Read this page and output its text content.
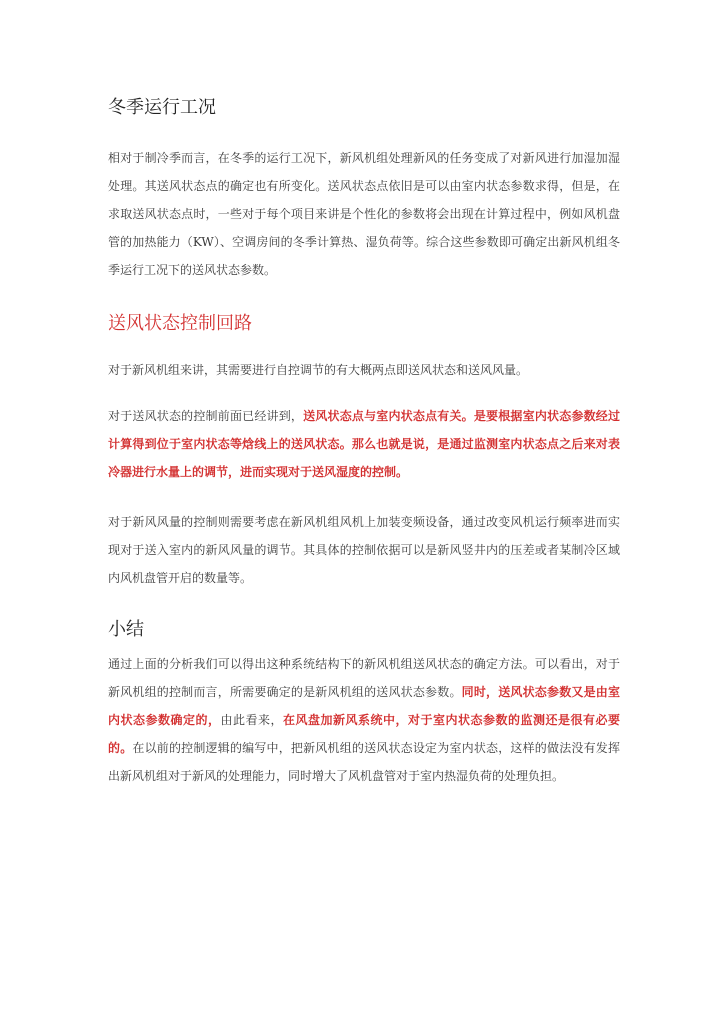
冬季运行工况

相对于制冷季而言，在冬季的运行工况下，新风机组处理新风的任务变成了对新风进行加湿加湿处理。其送风状态点的确定也有所变化。送风状态点依旧是可以由室内状态参数求得，但是，在求取送风状态点时，一些对于每个项目来讲是个性化的参数将会出现在计算过程中，例如风机盘管的加热能力（KW）、空调房间的冬季计算热、湿负荷等。综合这些参数即可确定出新风机组冬季运行工况下的送风状态参数。

送风状态控制回路

对于新风机组来讲，其需要进行自控调节的有大概两点即送风状态和送风风量。

对于送风状态的控制前面已经讲到，送风状态点与室内状态点有关。是要根据室内状态参数经过计算得到位于室内状态等焓线上的送风状态。那么也就是说，是通过监测室内状态点之后来对表冷器进行水量上的调节，进而实现对于送风湿度的控制。

对于新风风量的控制则需要考虑在新风机组风机上加装变频设备，通过改变风机运行频率进而实现对于送入室内的新风风量的调节。其具体的控制依据可以是新风竖井内的压差或者某制冷区域内风机盘管开启的数量等。

小结

通过上面的分析我们可以得出这种系统结构下的新风机组送风状态的确定方法。可以看出，对于新风机组的控制而言，所需要确定的是新风机组的送风状态参数。同时，送风状态参数又是由室内状态参数确定的，由此看来，在风盘加新风系统中，对于室内状态参数的监测还是很有必要的。在以前的控制逻辑的编写中，把新风机组的送风状态设定为室内状态，这样的做法没有发挥出新风机组对于新风的处理能力，同时增大了风机盘管对于室内热湿负荷的处理负担。
